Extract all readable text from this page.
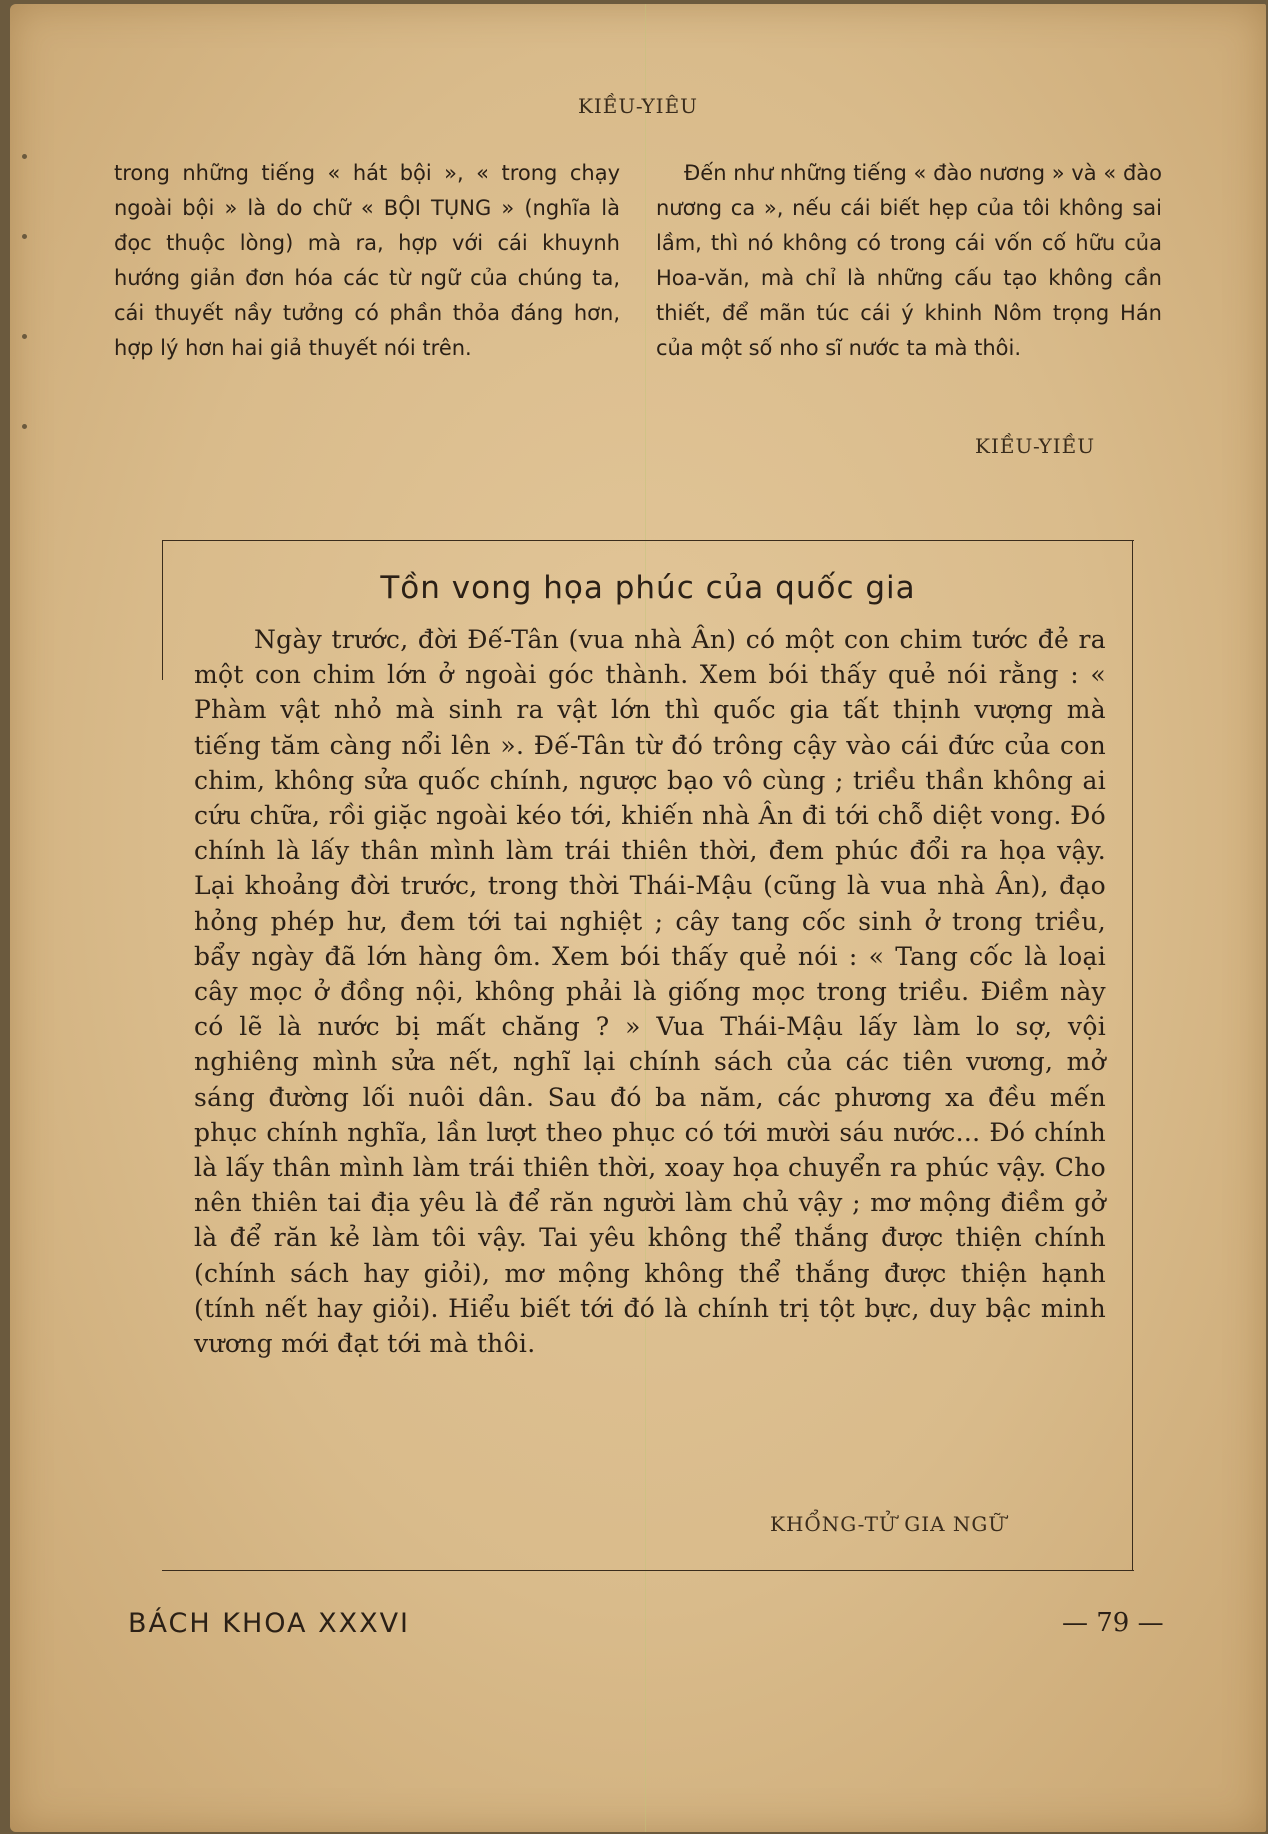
KIỀU-YIÊU

trong những tiếng « hát bội », « trong chạy ngoài bội » là do chữ « BỘI TỤNG » (nghĩa là đọc thuộc lòng) mà ra, hợp với cái khuynh hướng giản đơn hóa các từ ngữ của chúng ta, cái thuyết nầy tưởng có phần thỏa đáng hơn, hợp lý hơn hai giả thuyết nói trên.

Đến như những tiếng « đào nương » và « đào nương ca », nếu cái biết hẹp của tôi không sai lầm, thì nó không có trong cái vốn cố hữu của Hoa-văn, mà chỉ là những cấu tạo không cần thiết, để mãn túc cái ý khinh Nôm trọng Hán của một số nho sĩ nước ta mà thôi.

KIỀU-YIỀU
Tồn vong họa phúc của quốc gia

Ngày trước, đời Đế-Tân (vua nhà Ân) có một con chim tước đẻ ra một con chim lớn ở ngoài góc thành. Xem bói thấy quẻ nói rằng : « Phàm vật nhỏ mà sinh ra vật lớn thì quốc gia tất thịnh vượng mà tiếng tăm càng nổi lên ». Đế-Tân từ đó trông cậy vào cái đức của con chim, không sửa quốc chính, ngược bạo vô cùng ; triều thần không ai cứu chữa, rồi giặc ngoài kéo tới, khiến nhà Ân đi tới chỗ diệt vong. Đó chính là lấy thân mình làm trái thiên thời, đem phúc đổi ra họa vậy. Lại khoảng đời trước, trong thời Thái-Mậu (cũng là vua nhà Ân), đạo hỏng phép hư, đem tới tai nghiệt ; cây tang cốc sinh ở trong triều, bẩy ngày đã lớn hàng ôm. Xem bói thấy quẻ nói : « Tang cốc là loại cây mọc ở đồng nội, không phải là giống mọc trong triều. Điềm này có lẽ là nước bị mất chăng ? » Vua Thái-Mậu lấy làm lo sợ, vội nghiêng mình sửa nết, nghĩ lại chính sách của các tiên vương, mở sáng đường lối nuôi dân. Sau đó ba năm, các phương xa đều mến phục chính nghĩa, lần lượt theo phục có tới mười sáu nước... Đó chính là lấy thân mình làm trái thiên thời, xoay họa chuyển ra phúc vậy. Cho nên thiên tai địa yêu là để răn người làm chủ vậy ; mơ mộng điềm gở là để răn kẻ làm tôi vậy. Tai yêu không thể thắng được thiện chính (chính sách hay giỏi), mơ mộng không thể thắng được thiện hạnh (tính nết hay giỏi). Hiểu biết tới đó là chính trị tột bực, duy bậc minh vương mới đạt tới mà thôi.

KHỔNG-TỬ GIA NGỮ
BÁCH KHOA XXXVI	— 79 —
